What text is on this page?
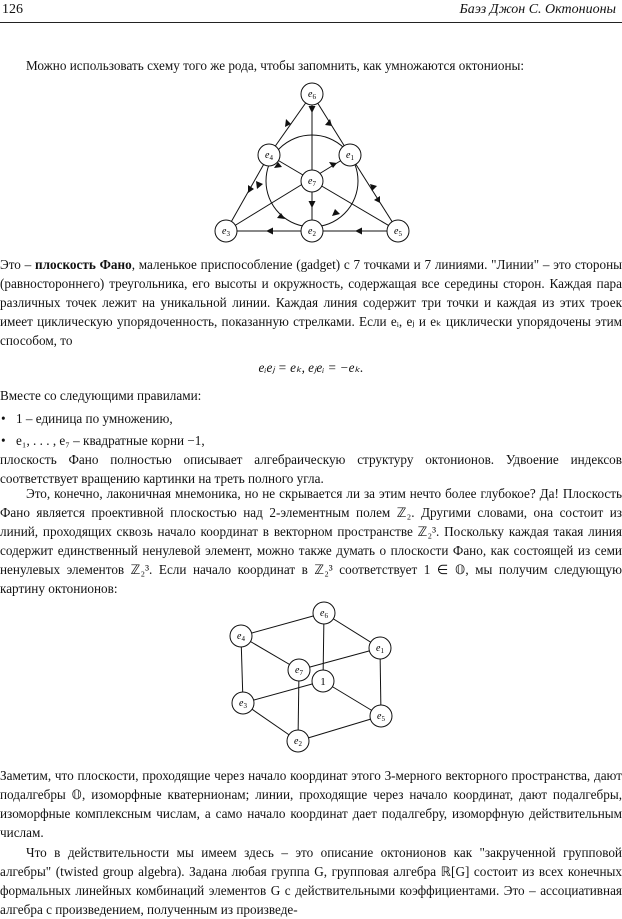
126	Баэз Джон С. Октонионы

Можно использовать схему того же рода, чтобы запомнить, как умножаются октонионы:

$e_6$
$e_4$	$e_1$
$e_7$
$e_3$	$e_2$	$e_5$

Это – плоскость Фано, маленькое приспособление (gadget) с 7 точками и 7 линиями. "Линии" – это стороны (равностороннего) треугольника, его высоты и окружность, содержащая все середины сторон. Каждая пара различных точек лежит на уникальной линии. Каждая линия содержит три точки и каждая из этих троек имеет циклическую упорядоченность, показанную стрелками. Если eᵢ, eⱼ и eₖ циклически упорядочены этим способом, то

eᵢeⱼ = eₖ, eⱼeᵢ = −eₖ.

Вместе со следующими правилами:

• 1 – единица по умножению,

• e₁, . . . , e₇ – квадратные корни −1,

плоскость Фано полностью описывает алгебраическую структуру октонионов. Удвоение индексов соответствует вращению картинки на треть полного угла.

Это, конечно, лаконичная мнемоника, но не скрывается ли за этим нечто более глубокое? Да! Плоскость Фано является проективной плоскостью над 2-элементным полем ℤ₂. Другими словами, она состоит из линий, проходящих сквозь начало координат в векторном пространстве ℤ₂³. Поскольку каждая такая линия содержит единственный ненулевой элемент, можно также думать о плоскости Фано, как состоящей из семи ненулевых элементов ℤ₂³. Если начало координат в ℤ₂³ соответствует 1 ∈ 𝕆, мы получим следующую картину октонионов:

$e_6$
$e_4$
$e_1$
$e_7$
1
$e_3$
$e_5$
$e_2$

Заметим, что плоскости, проходящие через начало координат этого 3-мерного векторного пространства, дают подалгебры 𝕆, изоморфные кватернионам; линии, проходящие через начало координат, дают подалгебры, изоморфные комплексным числам, а само начало координат дает подалгебру, изоморфную действительным числам.

Что в действительности мы имеем здесь – это описание октонионов как "закрученной групповой алгебры" (twisted group algebra). Задана любая группа G, групповая алгебра ℝ[G] состоит из всех конечных формальных линейных комбинаций элементов G с действительными коэффициентами. Это – ассоциативная алгебра с произведением, полученным из произведе-
